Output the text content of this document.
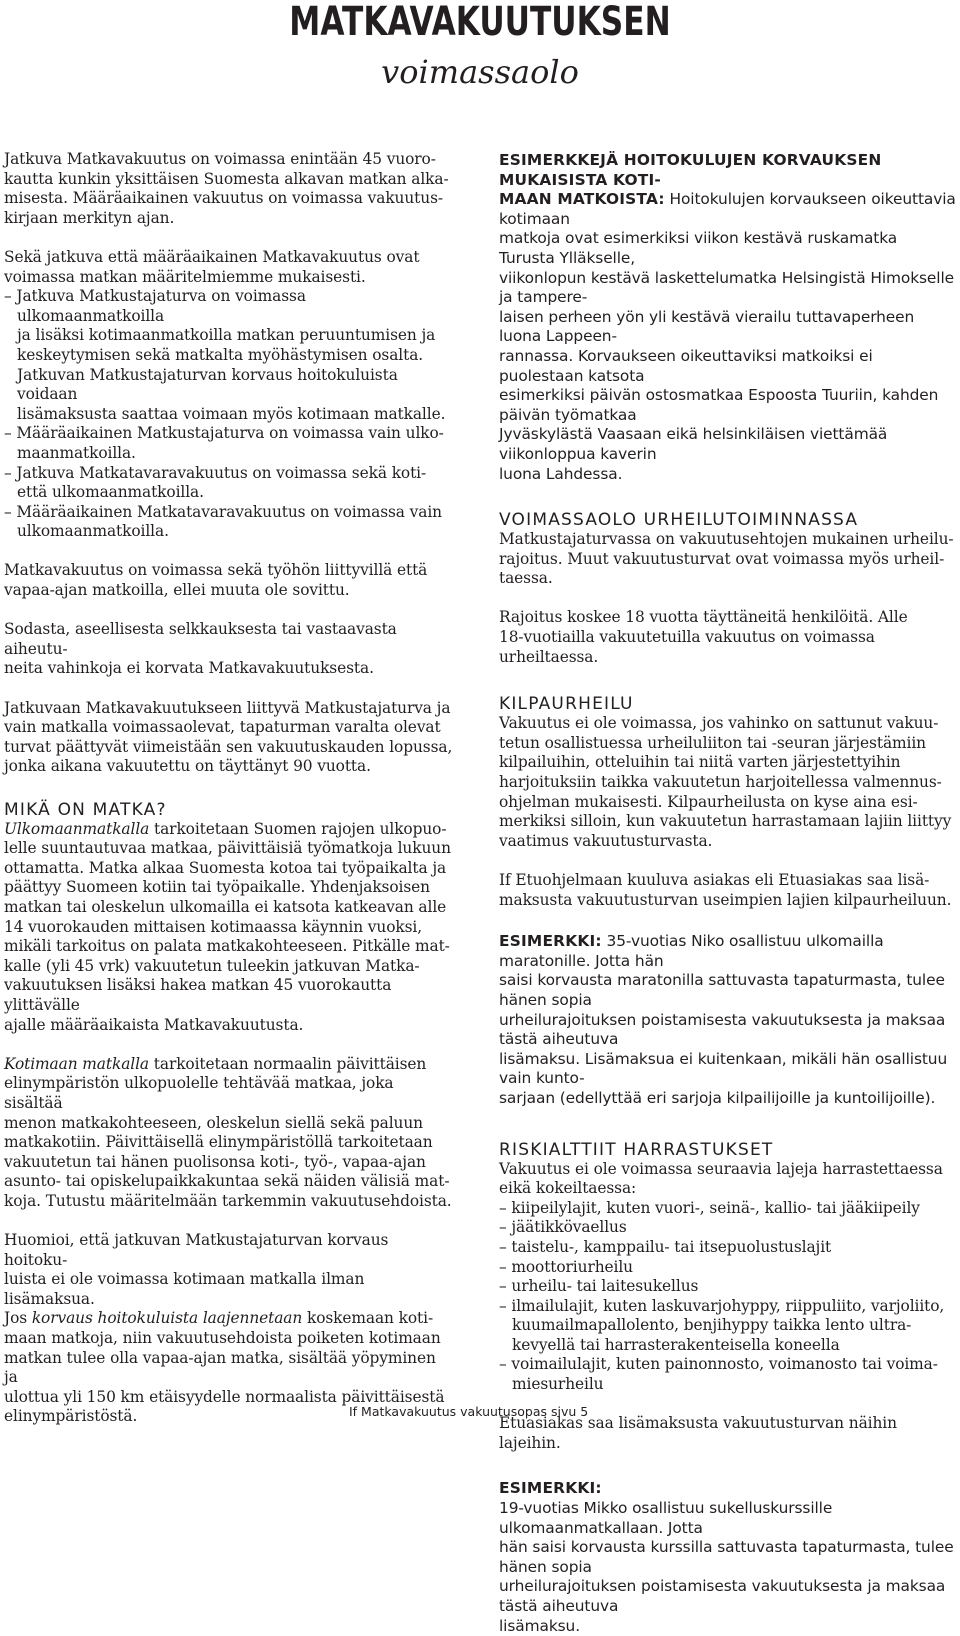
MATKAVAKUUTUKSEN
voimassaolo

Jatkuva Matkavakuutus on voimassa enintään 45 vuoro-
kautta kunkin yksittäisen Suomesta alkavan matkan alka-
misesta. Määräaikainen vakuutus on voimassa vakuutus-
kirjaan merkityn ajan.

Sekä jatkuva että määräaikainen Matkavakuutus ovat
voimassa matkan määritelmiemme mukaisesti.

– Jatkuva Matkustajaturva on voimassa ulkomaanmatkoilla
ja lisäksi kotimaanmatkoilla matkan peruuntumisen ja
keskeytymisen sekä matkalta myöhästymisen osalta.
Jatkuvan Matkustajaturvan korvaus hoitokuluista voidaan
lisämaksusta saattaa voimaan myös kotimaan matkalle.

– Määräaikainen Matkustajaturva on voimassa vain ulko-
maanmatkoilla.

– Jatkuva Matkatavaravakuutus on voimassa sekä koti-
että ulkomaanmatkoilla.

– Määräaikainen Matkatavaravakuutus on voimassa vain
ulkomaanmatkoilla.

Matkavakuutus on voimassa sekä työhön liittyvillä että
vapaa-ajan matkoilla, ellei muuta ole sovittu.

Sodasta, aseellisesta selkkauksesta tai vastaavasta aiheutu-
neita vahinkoja ei korvata Matkavakuutuksesta.

Jatkuvaan Matkavakuutukseen liittyvä Matkustajaturva ja
vain matkalla voimassaolevat, tapaturman varalta olevat
turvat päättyvät viimeistään sen vakuutuskauden lopussa,
jonka aikana vakuutettu on täyttänyt 90 vuotta.

MIKÄ ON MATKA?

Ulkomaanmatkalla tarkoitetaan Suomen rajojen ulkopuo-
lelle suuntautuvaa matkaa, päivittäisiä työmatkoja lukuun
ottamatta. Matka alkaa Suomesta kotoa tai työpaikalta ja
päättyy Suomeen kotiin tai työpaikalle. Yhdenjaksoisen
matkan tai oleskelun ulkomailla ei katsota katkeavan alle
14 vuorokauden mittaisen kotimaassa käynnin vuoksi,
mikäli tarkoitus on palata matkakohteeseen. Pitkälle mat-
kalle (yli 45 vrk) vakuutetun tuleekin jatkuvan Matka-
vakuutuksen lisäksi hakea matkan 45 vuorokautta ylittävälle
ajalle määräaikaista Matkavakuutusta.

Kotimaan matkalla tarkoitetaan normaalin päivittäisen
elinympäristön ulkopuolelle tehtävää matkaa, joka sisältää
menon matkakohteeseen, oleskelun siellä sekä paluun
matkakotiin. Päivittäisellä elinympäristöllä tarkoitetaan
vakuutetun tai hänen puolisonsa koti-, työ-, vapaa-ajan
asunto- tai opiskelupaikkakuntaa sekä näiden välisiä mat-
koja. Tutustu määritelmään tarkemmin vakuutusehdoista.

Huomioi, että jatkuvan Matkustajaturvan korvaus hoitoku-
luista ei ole voimassa kotimaan matkalla ilman lisämaksua.
Jos korvaus hoitokuluista laajennetaan koskemaan koti-
maan matkoja, niin vakuutusehdoista poiketen kotimaan
matkan tulee olla vapaa-ajan matka, sisältää yöpyminen ja
ulottua yli 150 km etäisyydelle normaalista päivittäisestä
elinympäristöstä.

ESIMERKKEJÄ HOITOKULUJEN KORVAUKSEN MUKAISISTA KOTI-
MAAN MATKOISTA: Hoitokulujen korvaukseen oikeuttavia kotimaan
matkoja ovat esimerkiksi viikon kestävä ruskamatka Turusta Ylläkselle,
viikonlopun kestävä laskettelumatka Helsingistä Himokselle ja tampere-
laisen perheen yön yli kestävä vierailu tuttavaperheen luona Lappeen-
rannassa. Korvaukseen oikeuttaviksi matkoiksi ei puolestaan katsota
esimerkiksi päivän ostosmatkaa Espoosta Tuuriin, kahden päivän työmatkaa
Jyväskylästä Vaasaan eikä helsinkiläisen viettämää viikonloppua kaverin
luona Lahdessa.

VOIMASSAOLO URHEILUTOIMINNASSA

Matkustajaturvassa on vakuutusehtojen mukainen urheilu-
rajoitus. Muut vakuutusturvat ovat voimassa myös urheil-
taessa.

Rajoitus koskee 18 vuotta täyttäneitä henkilöitä. Alle
18-vuotiailla vakuutetuilla vakuutus on voimassa
urheiltaessa.

KILPAURHEILU

Vakuutus ei ole voimassa, jos vahinko on sattunut vakuu-
tetun osallistuessa urheiluliiton tai -seuran järjestämiin
kilpailuihin, otteluihin tai niitä varten järjestettyihin
harjoituksiin taikka vakuutetun harjoitellessa valmennus-
ohjelman mukaisesti. Kilpaurheilusta on kyse aina esi-
merkiksi silloin, kun vakuutetun harrastamaan lajiin liittyy
vaatimus vakuutusturvasta.

If Etuohjelmaan kuuluva asiakas eli Etuasiakas saa lisä-
maksusta vakuutusturvan useimpien lajien kilpaurheiluun.

ESIMERKKI: 35-vuotias Niko osallistuu ulkomailla maratonille. Jotta hän
saisi korvausta maratonilla sattuvasta tapaturmasta, tulee hänen sopia
urheilurajoituksen poistamisesta vakuutuksesta ja maksaa tästä aiheutuva
lisämaksu. Lisämaksua ei kuitenkaan, mikäli hän osallistuu vain kunto-
sarjaan (edellyttää eri sarjoja kilpailijoille ja kuntoilijoille).

RISKIALTTIIT HARRASTUKSET

Vakuutus ei ole voimassa seuraavia lajeja harrastettaessa
eikä kokeiltaessa:

– kiipeilylajit, kuten vuori-, seinä-, kallio- tai jääkiipeily

– jäätikkövaellus

– taistelu-, kamppailu- tai itsepuolustuslajit

– moottoriurheilu

– urheilu- tai laitesukellus

– ilmailulajit, kuten laskuvarjohyppy, riippuliito, varjoliito,
kuumailmapallolento, benjihyppy taikka lento ultra-
kevyellä tai harrasterakenteisella koneella

– voimailulajit, kuten painonnosto, voimanosto tai voima-
miesurheilu

Etuasiakas saa lisämaksusta vakuutusturvan näihin lajeihin.

ESIMERKKI:
19-vuotias Mikko osallistuu sukelluskurssille ulkomaanmatkallaan. Jotta
hän saisi korvausta kurssilla sattuvasta tapaturmasta, tulee hänen sopia
urheilurajoituksen poistamisesta vakuutuksesta ja maksaa tästä aiheutuva
lisämaksu.

If Matkavakuutus vakuutusopas sivu 5
